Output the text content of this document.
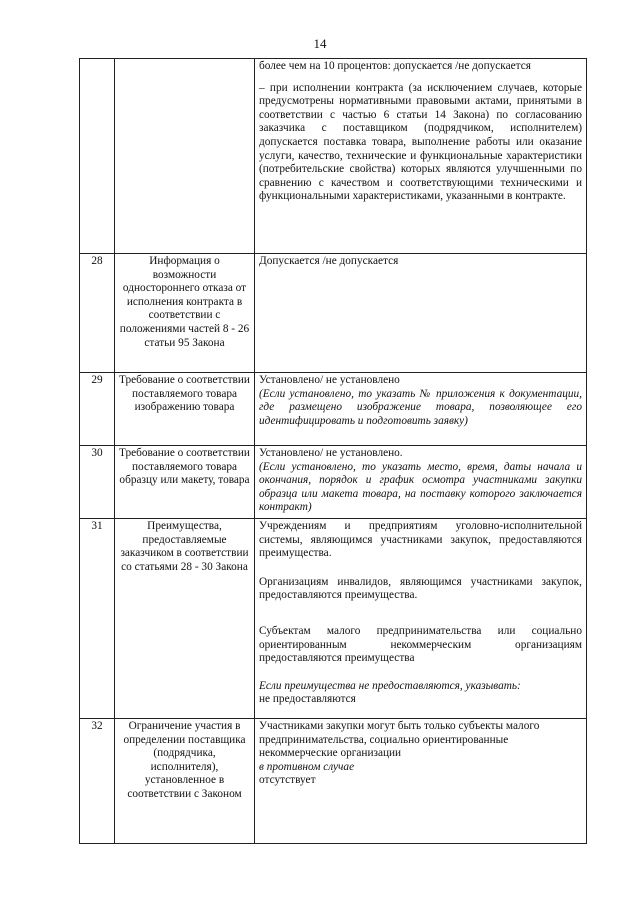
14

		более чем на 10 процентов: допускается /не допускается

– при исполнении контракта (за исключением случаев, которые предусмотрены нормативными правовыми актами, принятыми в соответствии с частью 6 статьи 14 Закона) по согласованию заказчика с поставщиком (подрядчиком, исполнителем) допускается поставка товара, выполнение работы или оказание услуги, качество, технические и функциональные характеристики (потребительские свойства) которых являются улучшенными по сравнению с качеством и соответствующими техническими и функциональными характеристиками, указанными в контракте.

28	Информация о возможности одностороннего отказа от исполнения контракта в соответствии с положениями частей 8 - 26 статьи 95 Закона	Допускается /не допускается

29	Требование о соответствии поставляемого товара изображению товара	Установлено/ не установлено

(Если установлено, то указать № приложения к документации, где размещено изображение товара, позволяющее его идентифицировать и подготовить заявку)

30	Требование о соответствии поставляемого товара образцу или макету, товара	Установлено/ не установлено.

(Если установлено, то указать место, время, даты начала и окончания, порядок и график осмотра участниками закупки образца или макета товара, на поставку которого заключается контракт)

31	Преимущества, предоставляемые заказчиком в соответствии со статьями 28 - 30 Закона	Учреждениям и предприятиям уголовно-исполнительной системы, являющимся участниками закупок, предоставляются преимущества.

Организациям инвалидов, являющимся участниками закупок, предоставляются преимущества.

Субъектам малого предпринимательства или социально ориентированным некоммерческим организациям предоставляются преимущества

Если преимущества не предоставляются, указывать:

не предоставляются

32	Ограничение участия в определении поставщика (подрядчика, исполнителя), установленное в соответствии с Законом	Участниками закупки могут быть только субъекты малого предпринимательства, социально ориентированные некоммерческие организации

в противном случае

отсутствует
